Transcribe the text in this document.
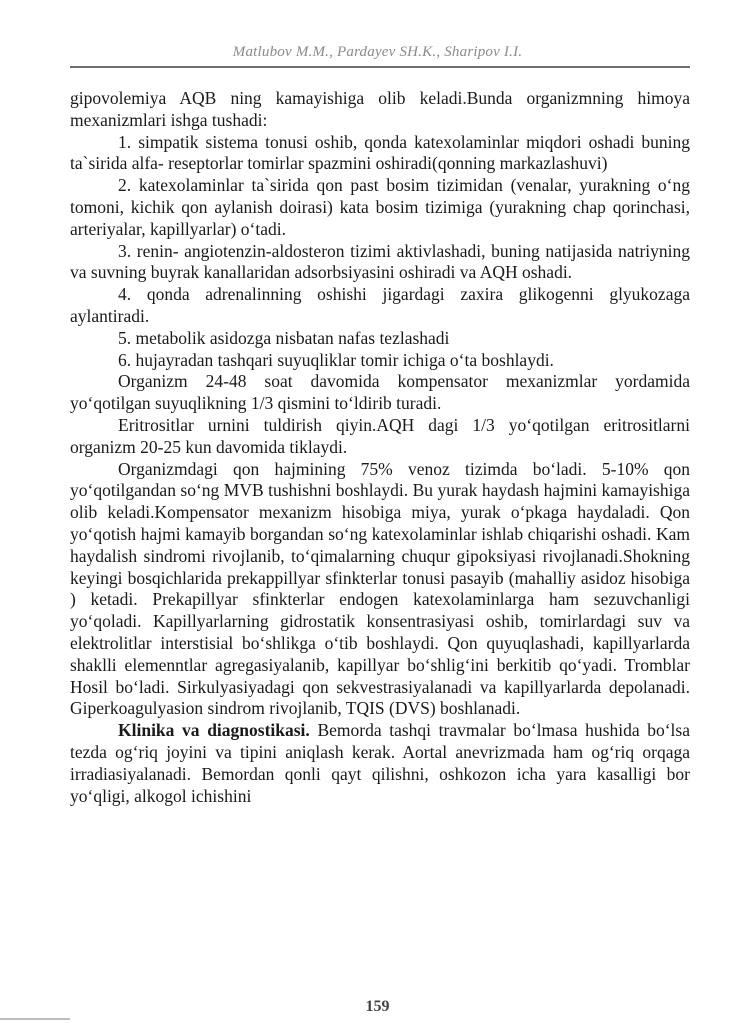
Matlubov M.M., Pardayev SH.K., Sharipov I.I.

gipovolemiya AQB ning kamayishiga olib keladi.Bunda organizmning himoya mexanizmlari ishga tushadi:

1. simpatik sistema tonusi oshib, qonda katexolaminlar miqdori oshadi buning ta`sirida alfa- reseptorlar tomirlar spazmini oshiradi(qonning markazlashuvi)

2. katexolaminlar ta`sirida qon past bosim tizimidan (venalar, yurakning o‘ng tomoni, kichik qon aylanish doirasi) kata bosim tizimiga (yurakning chap qorinchasi, arteriyalar, kapillyarlar) o‘tadi.

3. renin- angiotenzin-aldosteron tizimi aktivlashadi, buning natijasida natriyning va suvning buyrak kanallaridan adsorbsiyasini oshiradi va AQH oshadi.

4. qonda adrenalinning oshishi jigardagi zaxira glikogenni glyukozaga aylantiradi.

5. metabolik asidozga nisbatan nafas tezlashadi

6. hujayradan tashqari suyuqliklar tomir ichiga o‘ta boshlaydi.

Organizm 24-48 soat davomida kompensator mexanizmlar yordamida yo‘qotilgan suyuqlikning 1/3 qismini to‘ldirib turadi.

Eritrositlar urnini tuldirish qiyin.AQH dagi 1/3 yo‘qotilgan eritrositlarni organizm 20-25 kun davomida tiklaydi.

Organizmdagi qon hajmining 75% venoz tizimda bo‘ladi. 5-10% qon yo‘qotilgandan so‘ng MVB tushishni boshlaydi. Bu yurak haydash hajmini kamayishiga olib keladi.Kompensator mexanizm hisobiga miya, yurak o‘pkaga haydaladi. Qon yo‘qotish hajmi kamayib borgandan so‘ng katexolaminlar ishlab chiqarishi oshadi. Kam haydalish sindromi rivojlanib, to‘qimalarning chuqur gipoksiyasi rivojlanadi.Shokning keyingi bosqichlarida prekappillyar sfinkterlar tonusi pasayib (mahalliy asidoz hisobiga ) ketadi. Prekapillyar sfinkterlar endogen katexolaminlarga ham sezuvchanligi yo‘qoladi. Kapillyarlarning gidrostatik konsentrasiyasi oshib, tomirlardagi suv va elektrolitlar interstisial bo‘shlikga o‘tib boshlaydi. Qon quyuqlashadi, kapillyarlarda shaklli elemenntlar agregasiyalanib, kapillyar bo‘shlig‘ini berkitib qo‘yadi. Tromblar Hosil bo‘ladi. Sirkulyasiyadagi qon sekvestrasiyalanadi va kapillyarlarda depolanadi. Giperkoagulyasion sindrom rivojlanib, TQIS (DVS) boshlanadi.

Klinika va diagnostikasi. Bemorda tashqi travmalar bo‘lmasa hushida bo‘lsa tezda og‘riq joyini va tipini aniqlash kerak. Aortal anevrizmada ham og‘riq orqaga irradiasiyalanadi. Bemordan qonli qayt qilishni, oshkozon icha yara kasalligi bor yo‘qligi, alkogol ichishini

159
